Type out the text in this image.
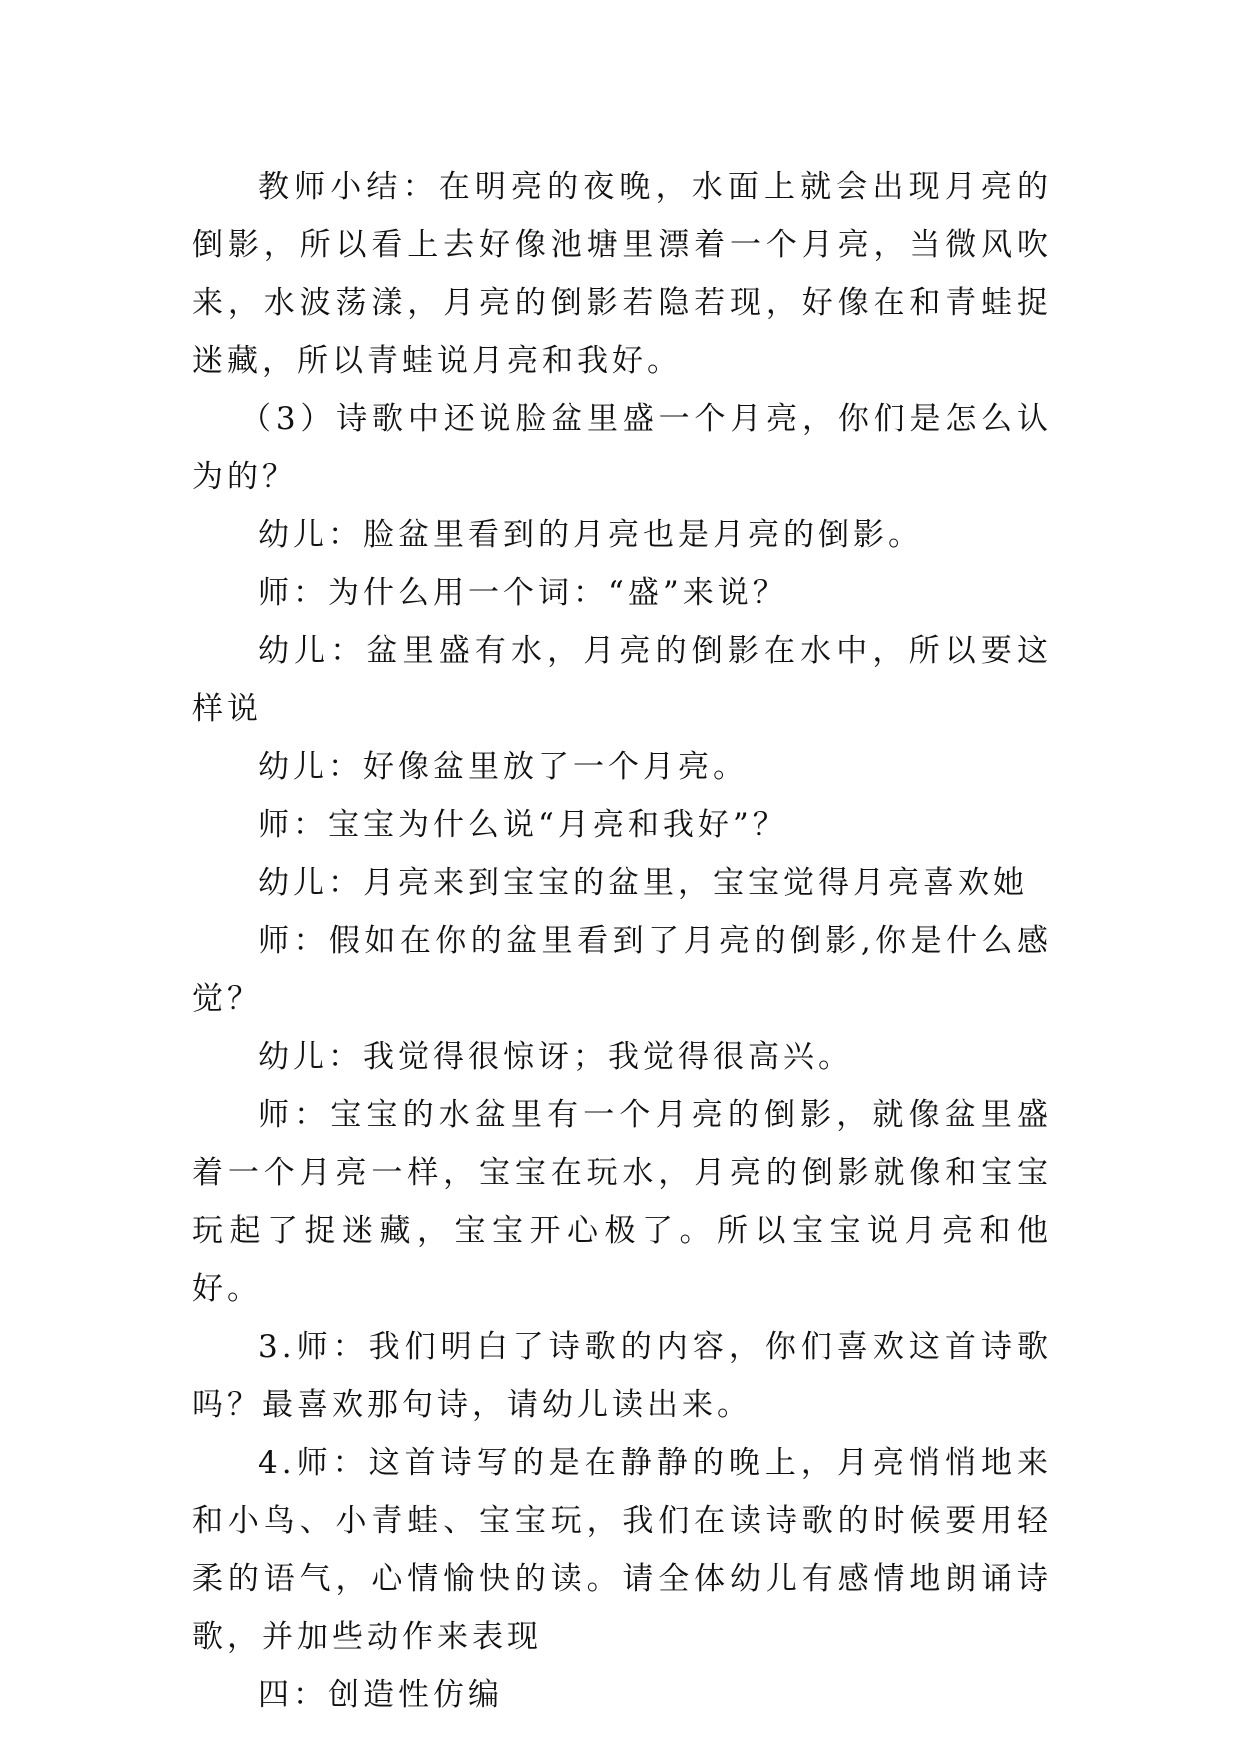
教师小结：在明亮的夜晚，水面上就会出现月亮的倒影，所以看上去好像池塘里漂着一个月亮，当微风吹来，水波荡漾，月亮的倒影若隐若现，好像在和青蛙捉迷藏，所以青蛙说月亮和我好。

（3）诗歌中还说脸盆里盛一个月亮，你们是怎么认为的？

幼儿：脸盆里看到的月亮也是月亮的倒影。

师：为什么用一个词：“盛”来说？

幼儿：盆里盛有水，月亮的倒影在水中，所以要这样说

幼儿：好像盆里放了一个月亮。

师：宝宝为什么说“月亮和我好”？

幼儿：月亮来到宝宝的盆里，宝宝觉得月亮喜欢她

师：假如在你的盆里看到了月亮的倒影,你是什么感觉？

幼儿：我觉得很惊讶；我觉得很高兴。

师：宝宝的水盆里有一个月亮的倒影，就像盆里盛着一个月亮一样，宝宝在玩水，月亮的倒影就像和宝宝玩起了捉迷藏，宝宝开心极了。所以宝宝说月亮和他好。

3.师：我们明白了诗歌的内容，你们喜欢这首诗歌吗？最喜欢那句诗，请幼儿读出来。

4.师：这首诗写的是在静静的晚上，月亮悄悄地来和小鸟、小青蛙、宝宝玩，我们在读诗歌的时候要用轻柔的语气，心情愉快的读。请全体幼儿有感情地朗诵诗歌，并加些动作来表现

四：创造性仿编
